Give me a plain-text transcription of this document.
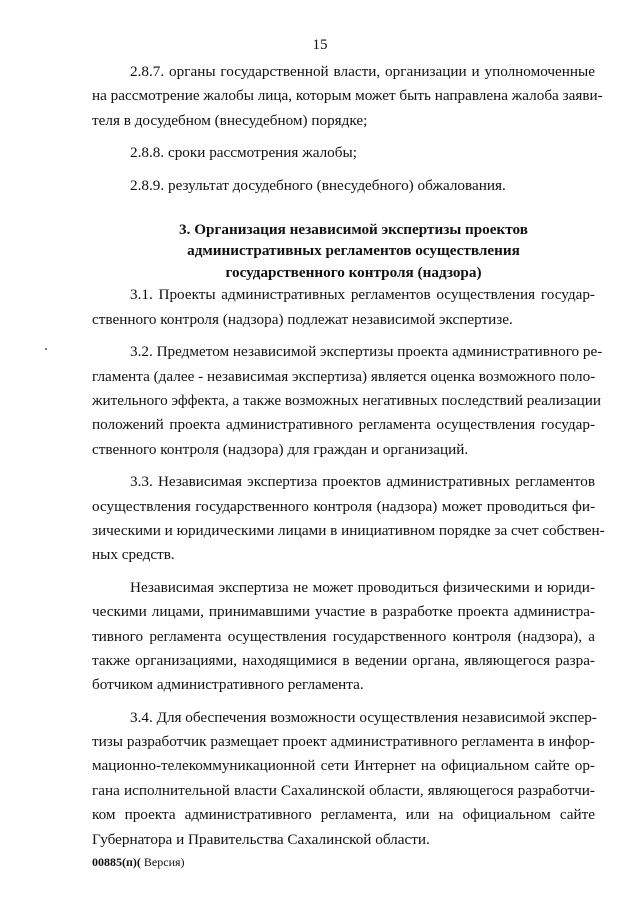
15
2.8.7. органы государственной власти, организации и уполномоченные
на рассмотрение жалобы лица, которым может быть направлена жалоба заяви-
теля в досудебном (внесудебном) порядке;
2.8.8. сроки рассмотрения жалобы;
2.8.9. результат досудебного (внесудебного) обжалования.
3. Организация независимой экспертизы проектов
административных регламентов осуществления
государственного контроля (надзора)
3.1. Проекты административных регламентов осуществления государ-
ственного контроля (надзора) подлежат независимой экспертизе.
3.2. Предметом независимой экспертизы проекта административного ре-
гламента (далее - независимая экспертиза) является оценка возможного поло-
жительного эффекта, а также возможных негативных последствий реализации
положений проекта административного регламента осуществления государ-
ственного контроля (надзора) для граждан и организаций.
3.3. Независимая экспертиза проектов административных регламентов
осуществления государственного контроля (надзора) может проводиться фи-
зическими и юридическими лицами в инициативном порядке за счет собствен-
ных средств.
Независимая экспертиза не может проводиться физическими и юриди-
ческими лицами, принимавшими участие в разработке проекта администра-
тивного регламента осуществления государственного контроля (надзора), а
также организациями, находящимися в ведении органа, являющегося разра-
ботчиком административного регламента.
3.4. Для обеспечения возможности осуществления независимой экспер-
тизы разработчик размещает проект административного регламента в инфор-
мационно-телекоммуникационной сети Интернет на официальном сайте ор-
гана исполнительной власти Сахалинской области, являющегося разработчи-
ком проекта административного регламента, или на официальном сайте
Губернатора и Правительства Сахалинской области.
00885(п)( Версия)
